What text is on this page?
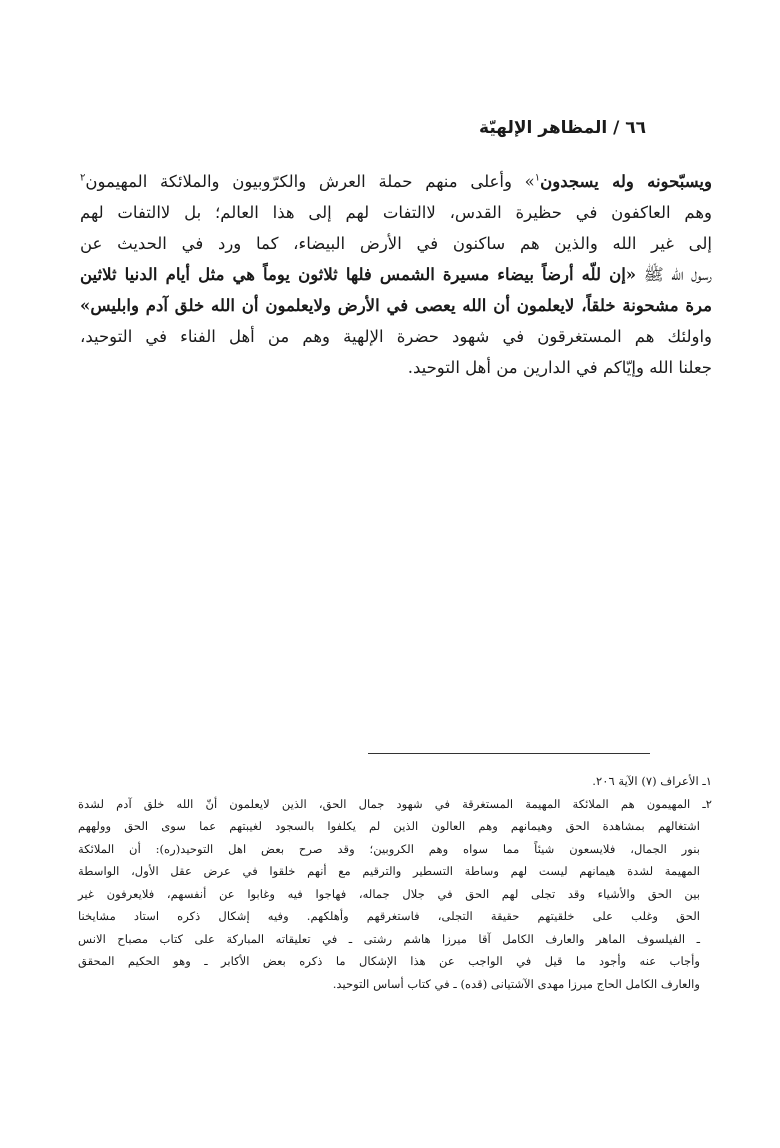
٦٦ / المظاهر الإلهيّة
ويسبّحونه وله يسجدون$^١$» وأعلى منهم حملة العرش والكرّوبيون والملائكة المهيمون$^٢$
وهم العاكفون في حظيرة القدس، لاالتفات لهم إلى هذا العالم؛ بل لاالتفات لهم
إلى غير الله والذين هم ساكنون في الأرض البيضاء، كما ورد في الحديث عن
رسول الله ﷺ «إن للّه أرضاً بيضاء مسيرة الشمس فلها ثلاثون يوماً هي مثل أيام الدنيا ثلاثين
مرة مشحونة خلقاً، لايعلمون أن الله يعصى في الأرض ولايعلمون أن الله خلق آدم وابليس»
واولئك هم المستغرقون في شهود حضرة الإلهية وهم من أهل الفناء في التوحيد،
جعلنا الله وإيّاكم في الدارين من أهل التوحيد.
١ـ الأعراف (٧) الآية ٢٠٦.
٢ـ المهيمون هم الملائكة المهيمة المستغرقة في شهود جمال الحق، الذين لايعلمون أنّ الله خلق آدم لشدة
اشتغالهم بمشاهدة الحق وهيمانهم وهم العالون الذين لم يكلفوا بالسجود لغيبتهم عما سوى الحق وولههم
بنور الجمال، فلايسعون شيئاً مما سواه وهم الكروبين؛ وقد صرح بعض اهل التوحيد(ره): أن الملائكة
المهيمة لشدة هيمانهم ليست لهم وساطة التسطير والترقيم مع أنهم خلقوا في عرض عقل الأول، الواسطة
بين الحق والأشياء وقد تجلى لهم الحق في جلال جماله، فهاجوا فيه وغابوا عن أنفسهم، فلايعرفون غير
الحق وغلب على خلقيتهم حقيقة التجلى، فاستغرقهم وأهلكهم. وفيه إشكال ذكره استاد مشايخنا
ـ الفيلسوف الماهر والعارف الكامل آقا ميرزا هاشم رشتى ـ في تعليقاته المباركة على كتاب مصباح الانس
وأجاب عنه وأجود ما قيل في الواجب عن هذا الإشكال ما ذكره بعض الأكابر ـ وهو الحكيم المحقق
والعارف الكامل الحاج ميرزا مهدى الآشتيانى (قده) ـ في كتاب أساس التوحيد.
